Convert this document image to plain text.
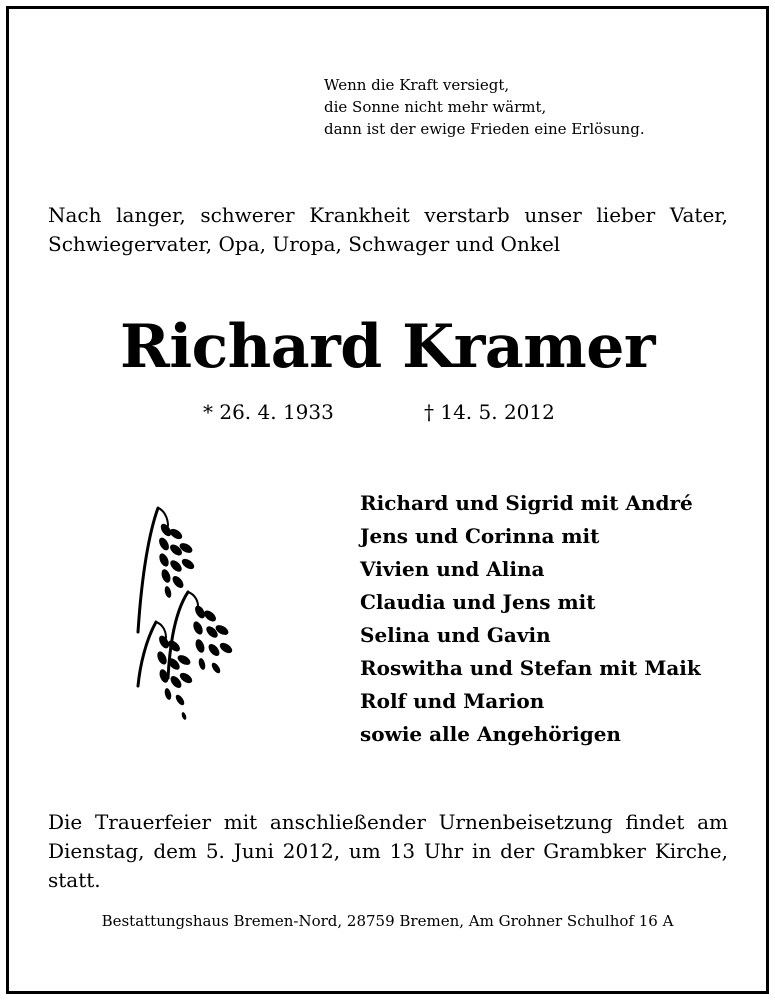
Wenn die Kraft versiegt,
die Sonne nicht mehr wärmt,
dann ist der ewige Frieden eine Erlösung.
Nach langer, schwerer Krankheit verstarb unser lieber Vater, Schwiegervater, Opa, Uropa, Schwager und Onkel
Richard Kramer
* 26. 4. 1933	† 14. 5. 2012
Richard und Sigrid mit André
Jens und Corinna mit
Vivien und Alina
Claudia und Jens mit
Selina und Gavin
Roswitha und Stefan mit Maik
Rolf und Marion
sowie alle Angehörigen
Die Trauerfeier mit anschließender Urnenbeisetzung findet am Dienstag, dem 5. Juni 2012, um 13 Uhr in der Grambker Kirche, statt.
Bestattungshaus Bremen-Nord, 28759 Bremen, Am Grohner Schulhof 16 A
